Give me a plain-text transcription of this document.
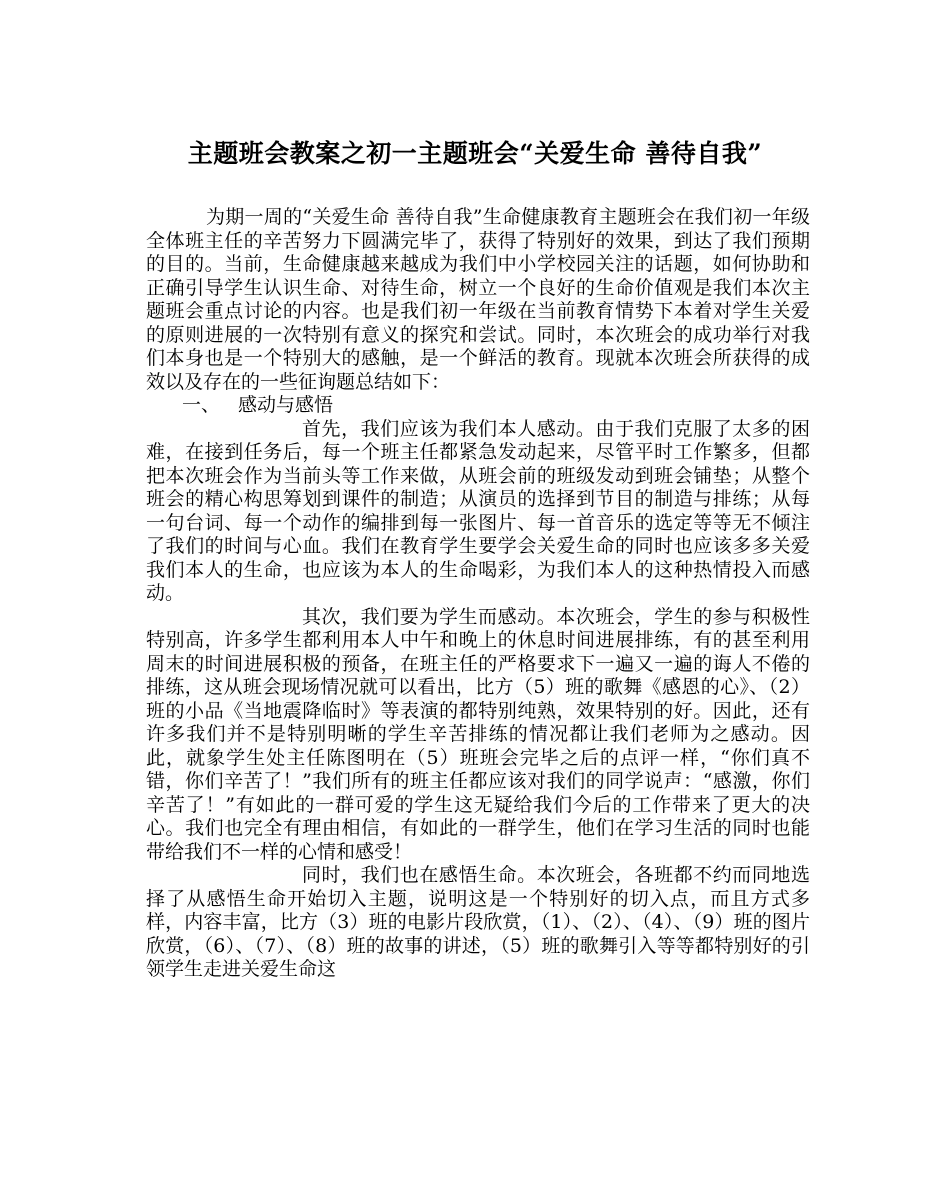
主题班会教案之初一主题班会“关爱生命 善待自我”

为期一周的“关爱生命 善待自我”生命健康教育主题班会在我们初一年级全体班主任的辛苦努力下圆满完毕了，获得了特别好的效果，到达了我们预期的目的。当前，生命健康越来越成为我们中小学校园关注的话题，如何协助和正确引导学生认识生命、对待生命，树立一个良好的生命价值观是我们本次主题班会重点讨论的内容。也是我们初一年级在当前教育情势下本着对学生关爱的原则进展的一次特别有意义的探究和尝试。同时，本次班会的成功举行对我们本身也是一个特别大的感触，是一个鲜活的教育。现就本次班会所获得的成效以及存在的一些征询题总结如下：

一、 感动与感悟

首先，我们应该为我们本人感动。由于我们克服了太多的困难，在接到任务后，每一个班主任都紧急发动起来，尽管平时工作繁多，但都把本次班会作为当前头等工作来做，从班会前的班级发动到班会铺垫；从整个班会的精心构思筹划到课件的制造；从演员的选择到节目的制造与排练；从每一句台词、每一个动作的编排到每一张图片、每一首音乐的选定等等无不倾注了我们的时间与心血。我们在教育学生要学会关爱生命的同时也应该多多关爱我们本人的生命，也应该为本人的生命喝彩，为我们本人的这种热情投入而感动。

其次，我们要为学生而感动。本次班会，学生的参与积极性特别高，许多学生都利用本人中午和晚上的休息时间进展排练，有的甚至利用周末的时间进展积极的预备，在班主任的严格要求下一遍又一遍的诲人不倦的排练，这从班会现场情况就可以看出，比方（5）班的歌舞《感恩的心》、（2）班的小品《当地震降临时》等表演的都特别纯熟，效果特别的好。因此，还有许多我们并不是特别明晰的学生辛苦排练的情况都让我们老师为之感动。因此，就象学生处主任陈图明在（5）班班会完毕之后的点评一样，“你们真不错，你们辛苦了！”我们所有的班主任都应该对我们的同学说声：“感激，你们辛苦了！”有如此的一群可爱的学生这无疑给我们今后的工作带来了更大的决心。我们也完全有理由相信，有如此的一群学生，他们在学习生活的同时也能带给我们不一样的心情和感受！

同时，我们也在感悟生命。本次班会，各班都不约而同地选择了从感悟生命开始切入主题，说明这是一个特别好的切入点，而且方式多样，内容丰富，比方（3）班的电影片段欣赏，（1）、（2）、（4）、（9）班的图片欣赏，（6）、（7）、（8）班的故事的讲述，（5）班的歌舞引入等等都特别好的引领学生走进关爱生命这
